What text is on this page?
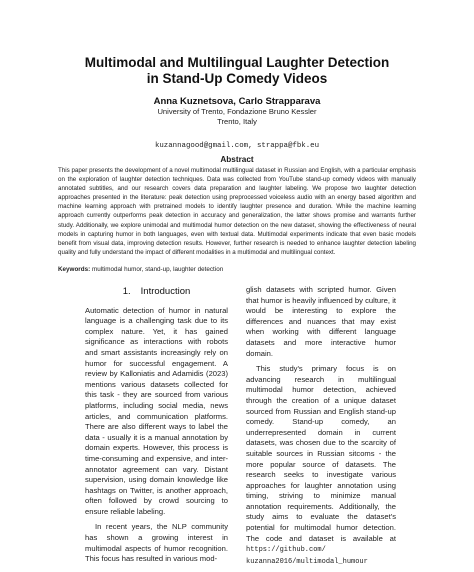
Multimodal and Multilingual Laughter Detection
in Stand-Up Comedy Videos
Anna Kuznetsova, Carlo Strapparava
University of Trento, Fondazione Bruno Kessler
Trento, Italy
kuzannagood@gmail.com, strappa@fbk.eu
Abstract
This paper presents the development of a novel multimodal multilingual dataset in Russian and English, with a particular emphasis on the exploration of laughter detection techniques. Data was collected from YouTube stand-up comedy videos with manually annotated subtitles, and our research covers data preparation and laughter labeling. We propose two laughter detection approaches presented in the literature: peak detection using preprocessed voiceless audio with an energy based algorithm and machine learning approach with pretrained models to identify laughter presence and duration. While the machine learning approach currently outperforms peak detection in accuracy and generalization, the latter shows promise and warrants further study. Additionally, we explore unimodal and multimodal humor detection on the new dataset, showing the effectiveness of neural models in capturing humor in both languages, even with textual data. Multimodal experiments indicate that even basic models benefit from visual data, improving detection results. However, further research is needed to enhance laughter detection labeling quality and fully understand the impact of different modalities in a multimodal and multilingual context.
Keywords: multimodal humor, stand-up, laughter detection
1. Introduction

Automatic detection of humor in natural language is a challenging task due to its complex nature. Yet, it has gained significance as interactions with robots and smart assistants increasingly rely on humor for successful engagement. A review by Kalloniatis and Adamidis (2023) mentions various datasets collected for this task - they are sourced from various platforms, including social media, news articles, and communication platforms. There are also different ways to label the data - usually it is a manual annotation by domain experts. However, this process is time-consuming and expensive, and inter-annotator agreement can vary. Distant supervision, using domain knowledge like hashtags on Twitter, is another approach, often followed by crowd sourcing to ensure reliable labeling.

In recent years, the NLP community has shown a growing interest in multimodal aspects of humor recognition. This focus has resulted in various mod-

glish datasets with scripted humor. Given that humor is heavily influenced by culture, it would be interesting to explore the differences and nuances that may exist when working with different language datasets and more interactive humor domain.

This study's primary focus is on advancing research in multilingual multimodal humor detection, achieved through the creation of a unique dataset sourced from Russian and English stand-up comedy. Stand-up comedy, an underrepresented domain in current datasets, was chosen due to the scarcity of suitable sources in Russian sitcoms - the more popular source of datasets. The research seeks to investigate various approaches for laughter annotation using timing, striving to minimize manual annotation requirements. Additionally, the study aims to evaluate the dataset's potential for multimodal humor detection. The code and dataset is available at https://github.com/ kuzanna2016/multimodal_humour
